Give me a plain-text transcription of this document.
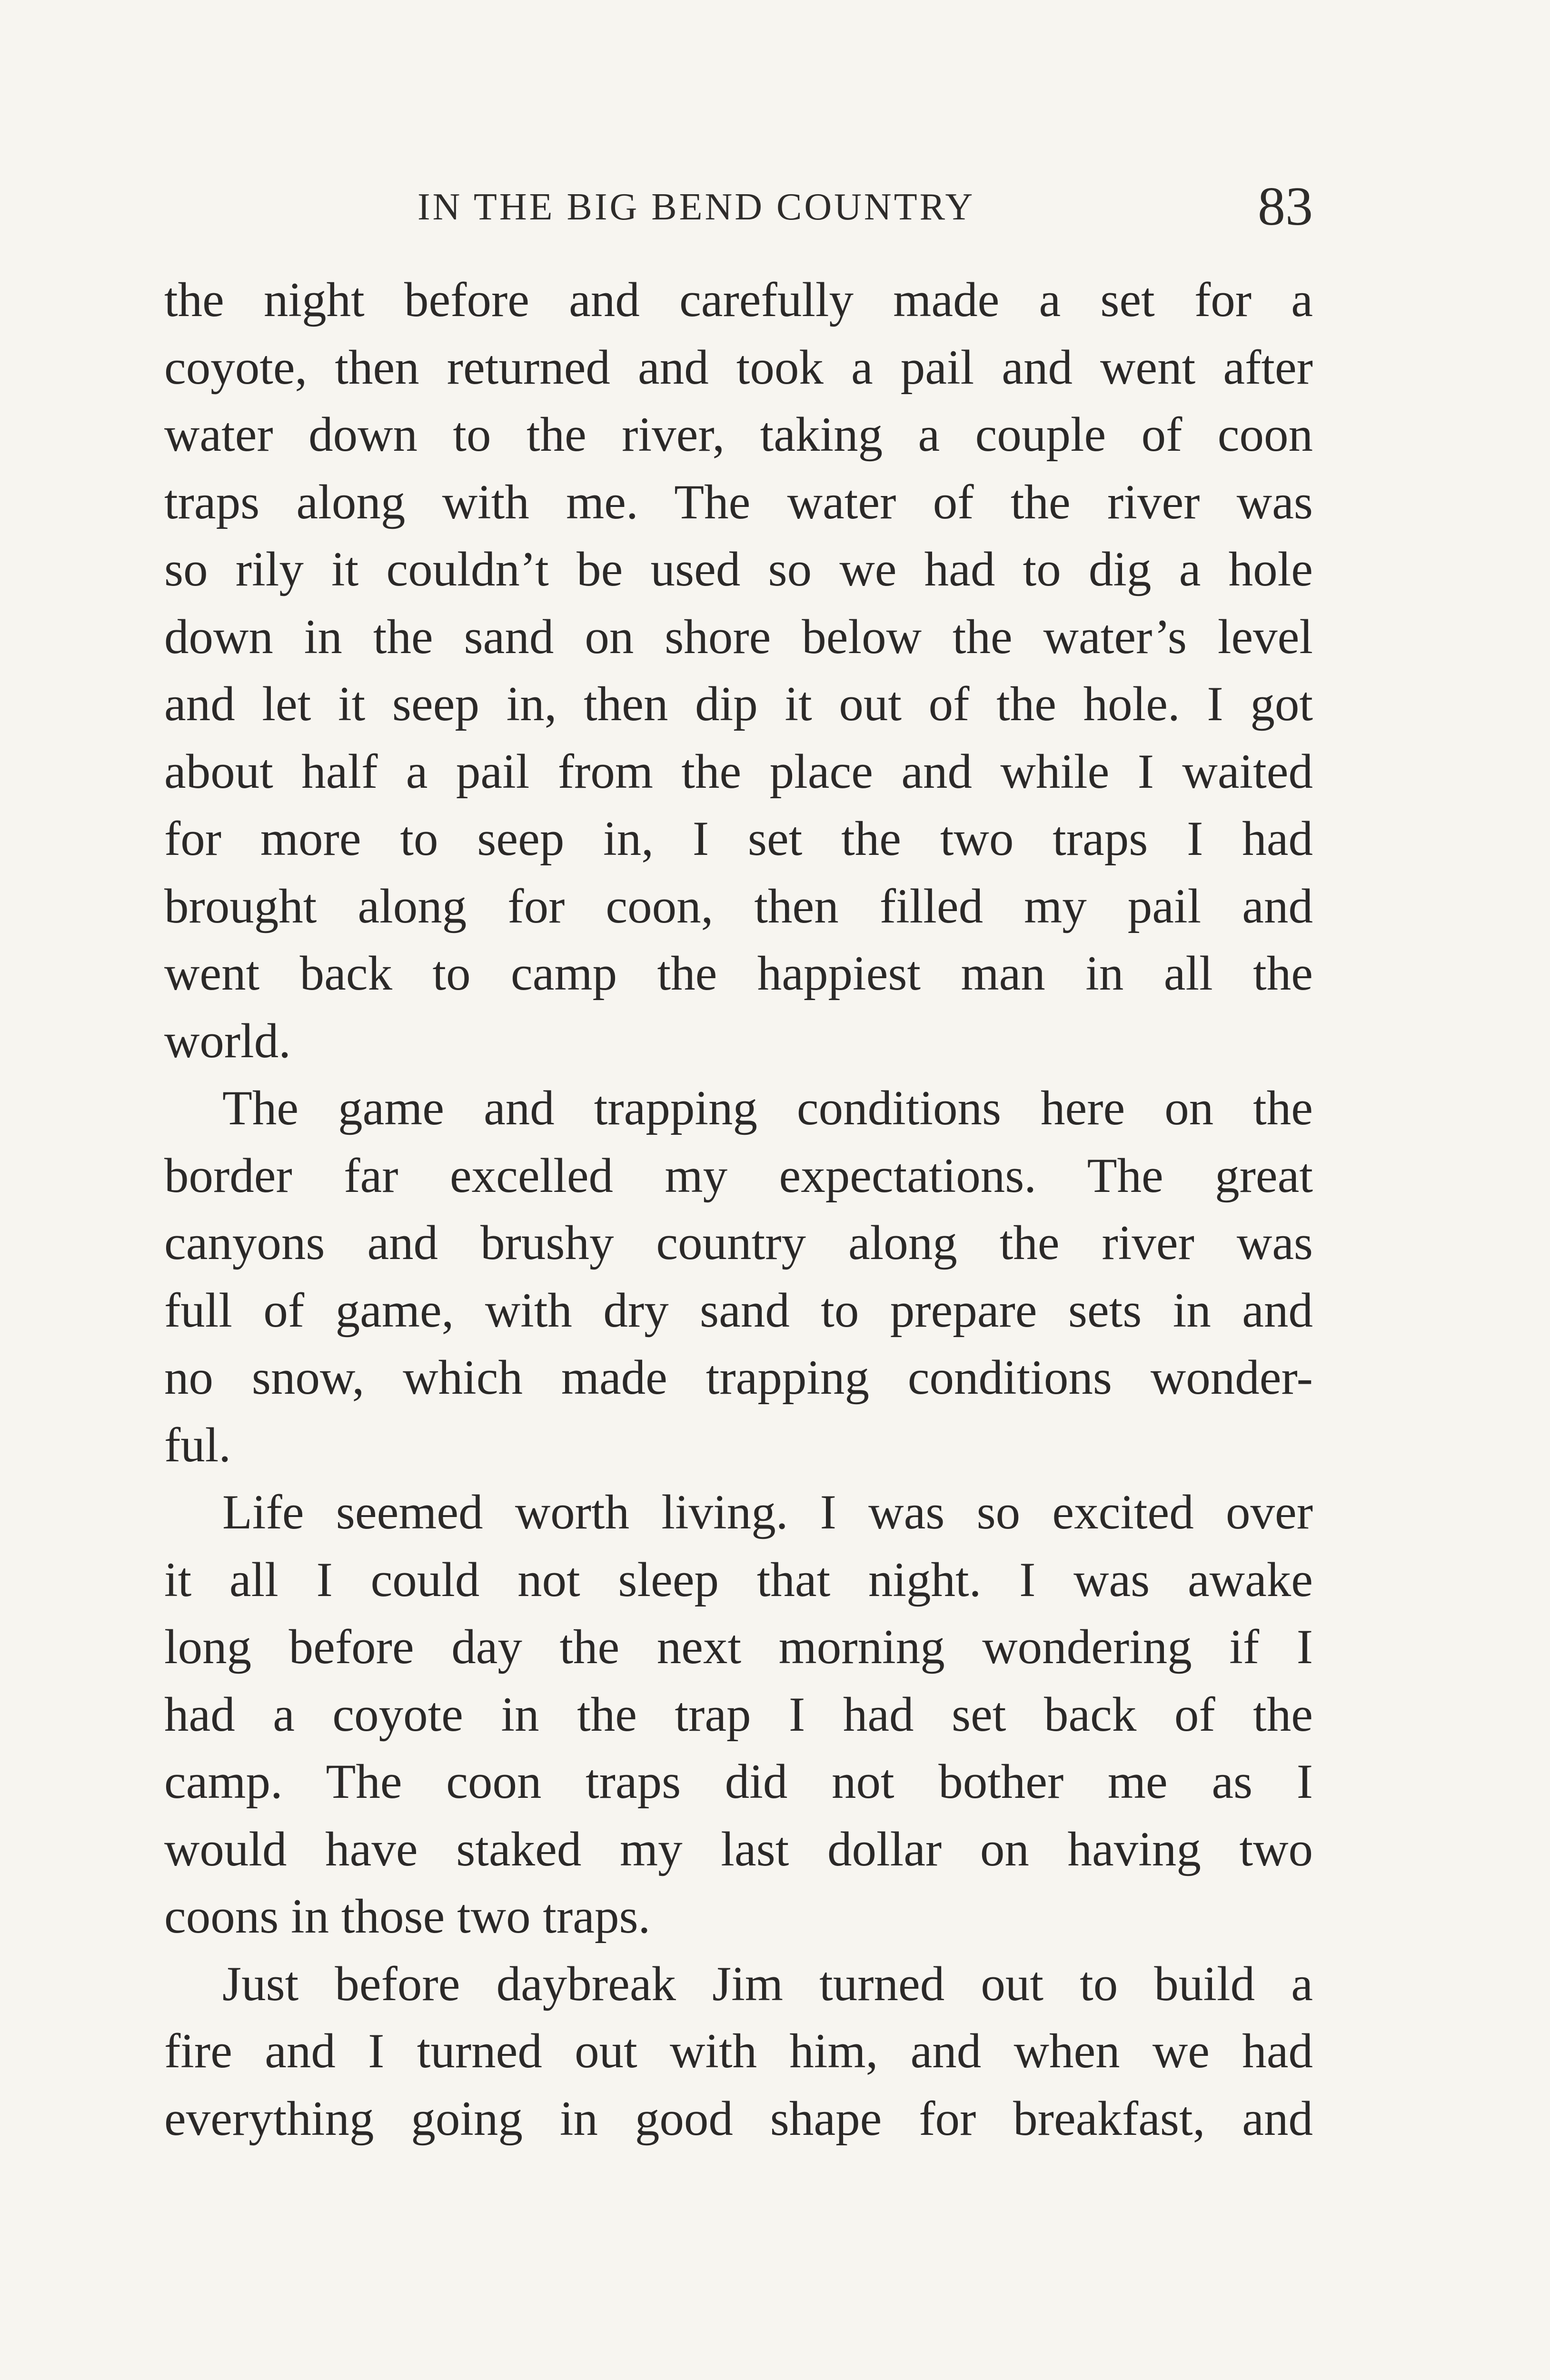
IN THE BIG BEND COUNTRY	83
the night before and carefully made a set for a
coyote, then returned and took a pail and went after
water down to the river, taking a couple of coon
traps along with me. The water of the river was
so rily it couldn’t be used so we had to dig a hole
down in the sand on shore below the water’s level
and let it seep in, then dip it out of the hole. I got
about half a pail from the place and while I waited
for more to seep in, I set the two traps I had
brought along for coon, then filled my pail and
went back to camp the happiest man in all the
world.
The game and trapping conditions here on the
border far excelled my expectations. The great
canyons and brushy country along the river was
full of game, with dry sand to prepare sets in and
no snow, which made trapping conditions wonder-
ful.
Life seemed worth living. I was so excited over
it all I could not sleep that night. I was awake
long before day the next morning wondering if I
had a coyote in the trap I had set back of the
camp. The coon traps did not bother me as I
would have staked my last dollar on having two
coons in those two traps.
Just before daybreak Jim turned out to build a
fire and I turned out with him, and when we had
everything going in good shape for breakfast, and
